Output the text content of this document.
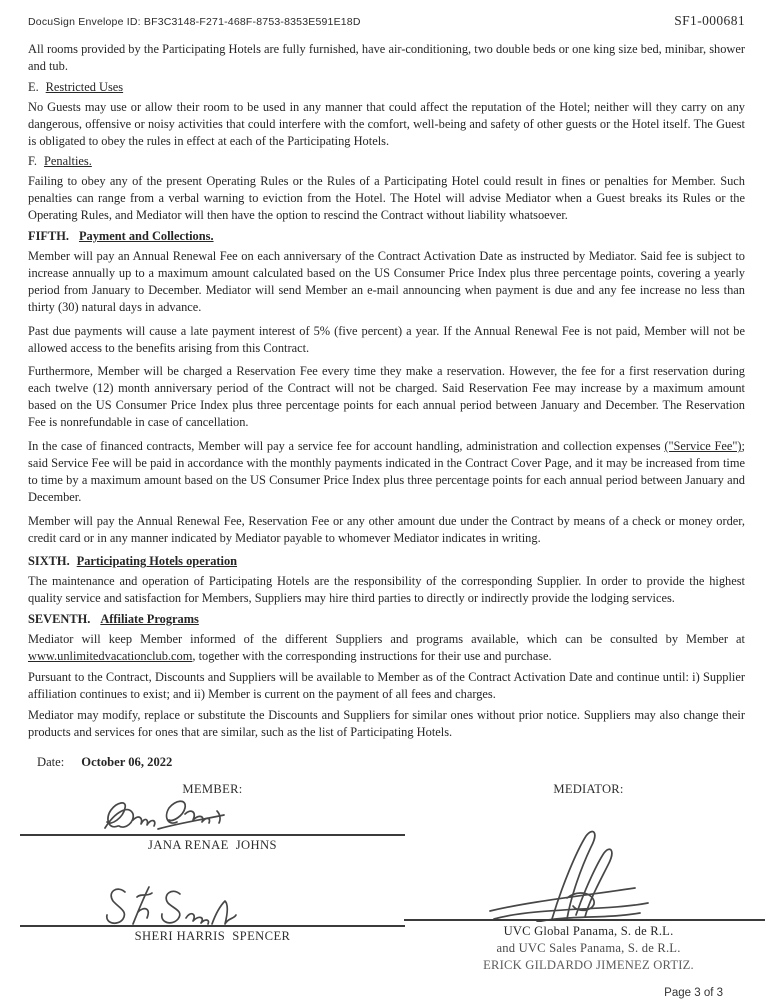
DocuSign Envelope ID: BF3C3148-F271-468F-8753-8353E591E18D	SF1-000681

All rooms provided by the Participating Hotels are fully furnished, have air-conditioning, two double beds or one king size bed, minibar, shower and tub.

E. Restricted Uses

No Guests may use or allow their room to be used in any manner that could affect the reputation of the Hotel; neither will they carry on any dangerous, offensive or noisy activities that could interfere with the comfort, well-being and safety of other guests or the Hotel itself. The Guest is obligated to obey the rules in effect at each of the Participating Hotels.

F. Penalties.

Failing to obey any of the present Operating Rules or the Rules of a Participating Hotel could result in fines or penalties for Member. Such penalties can range from a verbal warning to eviction from the Hotel. The Hotel will advise Mediator when a Guest breaks its Rules or the Operating Rules, and Mediator will then have the option to rescind the Contract without liability whatsoever.

FIFTH. Payment and Collections.

Member will pay an Annual Renewal Fee on each anniversary of the Contract Activation Date as instructed by Mediator. Said fee is subject to increase annually up to a maximum amount calculated based on the US Consumer Price Index plus three percentage points, covering a yearly period from January to December. Mediator will send Member an e-mail announcing when payment is due and any fee increase no less than thirty (30) natural days in advance.

Past due payments will cause a late payment interest of 5% (five percent) a year. If the Annual Renewal Fee is not paid, Member will not be allowed access to the benefits arising from this Contract.

Furthermore, Member will be charged a Reservation Fee every time they make a reservation. However, the fee for a first reservation during each twelve (12) month anniversary period of the Contract will not be charged. Said Reservation Fee may increase by a maximum amount based on the US Consumer Price Index plus three percentage points for each annual period between January and December. The Reservation Fee is nonrefundable in case of cancellation.

In the case of financed contracts, Member will pay a service fee for account handling, administration and collection expenses ("Service Fee"); said Service Fee will be paid in accordance with the monthly payments indicated in the Contract Cover Page, and it may be increased from time to time by a maximum amount based on the US Consumer Price Index plus three percentage points for each annual period between January and December.

Member will pay the Annual Renewal Fee, Reservation Fee or any other amount due under the Contract by means of a check or money order, credit card or in any manner indicated by Mediator payable to whomever Mediator indicates in writing.

SIXTH. Participating Hotels operation

The maintenance and operation of Participating Hotels are the responsibility of the corresponding Supplier. In order to provide the highest quality service and satisfaction for Members, Suppliers may hire third parties to directly or indirectly provide the lodging services.

SEVENTH. Affiliate Programs

Mediator will keep Member informed of the different Suppliers and programs available, which can be consulted by Member at www.unlimitedvacationclub.com, together with the corresponding instructions for their use and purchase.

Pursuant to the Contract, Discounts and Suppliers will be available to Member as of the Contract Activation Date and continue until: i) Supplier affiliation continues to exist; and ii) Member is current on the payment of all fees and charges.

Mediator may modify, replace or substitute the Discounts and Suppliers for similar ones without prior notice. Suppliers may also change their products and services for ones that are similar, such as the list of Participating Hotels.

Date: October 06, 2022
MEMBER:	MEDIATOR:
JANA RENAE  JOHNS
SHERI HARRIS  SPENCER	UVC Global Panama, S. de R.L.
and UVC Sales Panama, S. de R.L.
ERICK GILDARDO JIMENEZ ORTIZ.
Page 3 of 3
